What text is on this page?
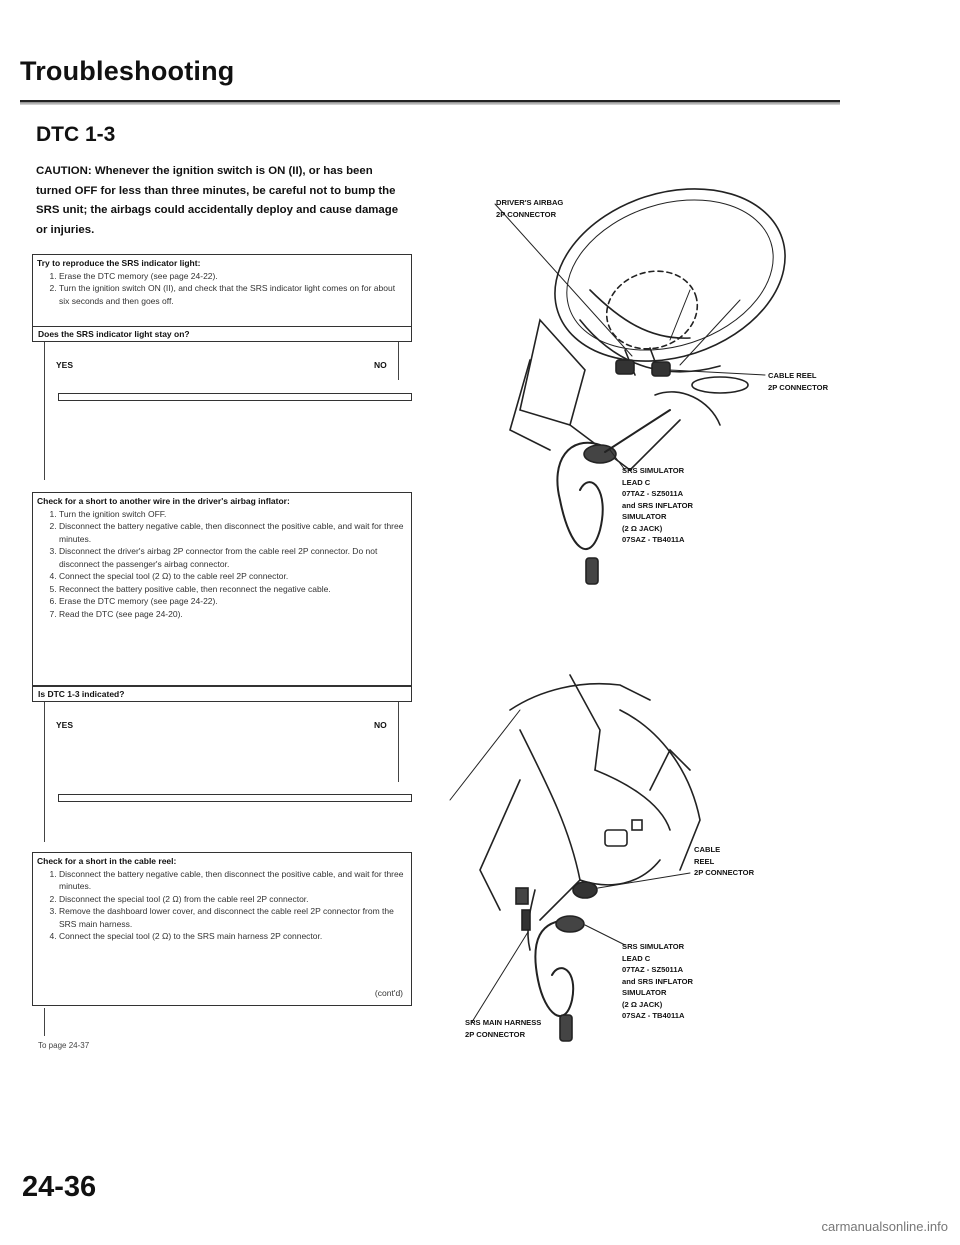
Troubleshooting
DTC 1-3
CAUTION: Whenever the ignition switch is ON (II), or has been turned OFF for less than three minutes, be careful not to bump the SRS unit; the airbags could accidentally deploy and cause damage or injuries.
Try to reproduce the SRS indicator light:
1. Erase the DTC memory (see page 24-22).
2. Turn the ignition switch ON (II), and check that the SRS indicator light comes on for about six seconds and then goes off.
Does the SRS indicator light stay on?
YES	NO
Check for a short to another wire in the driver's airbag inflator:
1. Turn the ignition switch OFF.
2. Disconnect the battery negative cable, then disconnect the positive cable, and wait for three minutes.
3. Disconnect the driver's airbag 2P connector from the cable reel 2P connector. Do not disconnect the passenger's airbag connector.
4. Connect the special tool (2 Ω) to the cable reel 2P connector.
5. Reconnect the battery positive cable, then reconnect the negative cable.
6. Erase the DTC memory (see page 24-22).
7. Read the DTC (see page 24-20).
Is DTC 1-3 indicated?
YES	NO
Check for a short in the cable reel:
1. Disconnect the battery negative cable, then disconnect the positive cable, and wait for three minutes.
2. Disconnect the special tool (2 Ω) from the cable reel 2P connector.
3. Remove the dashboard lower cover, and disconnect the cable reel 2P connector from the SRS main harness.
4. Connect the special tool (2 Ω) to the SRS main harness 2P connector.
(cont'd)
To page 24-37
24-36
carmanualsonline.info
DRIVER'S AIRBAG
2P CONNECTOR
CABLE REEL
2P CONNECTOR
SRS SIMULATOR
LEAD C
07TAZ - SZ5011A
and SRS INFLATOR
SIMULATOR
(2 Ω JACK)
07SAZ - TB4011A
CABLE
REEL
2P CONNECTOR
SRS SIMULATOR
LEAD C
07TAZ - SZ5011A
and SRS INFLATOR
SIMULATOR
(2 Ω JACK)
07SAZ - TB4011A
SRS MAIN HARNESS
2P CONNECTOR
